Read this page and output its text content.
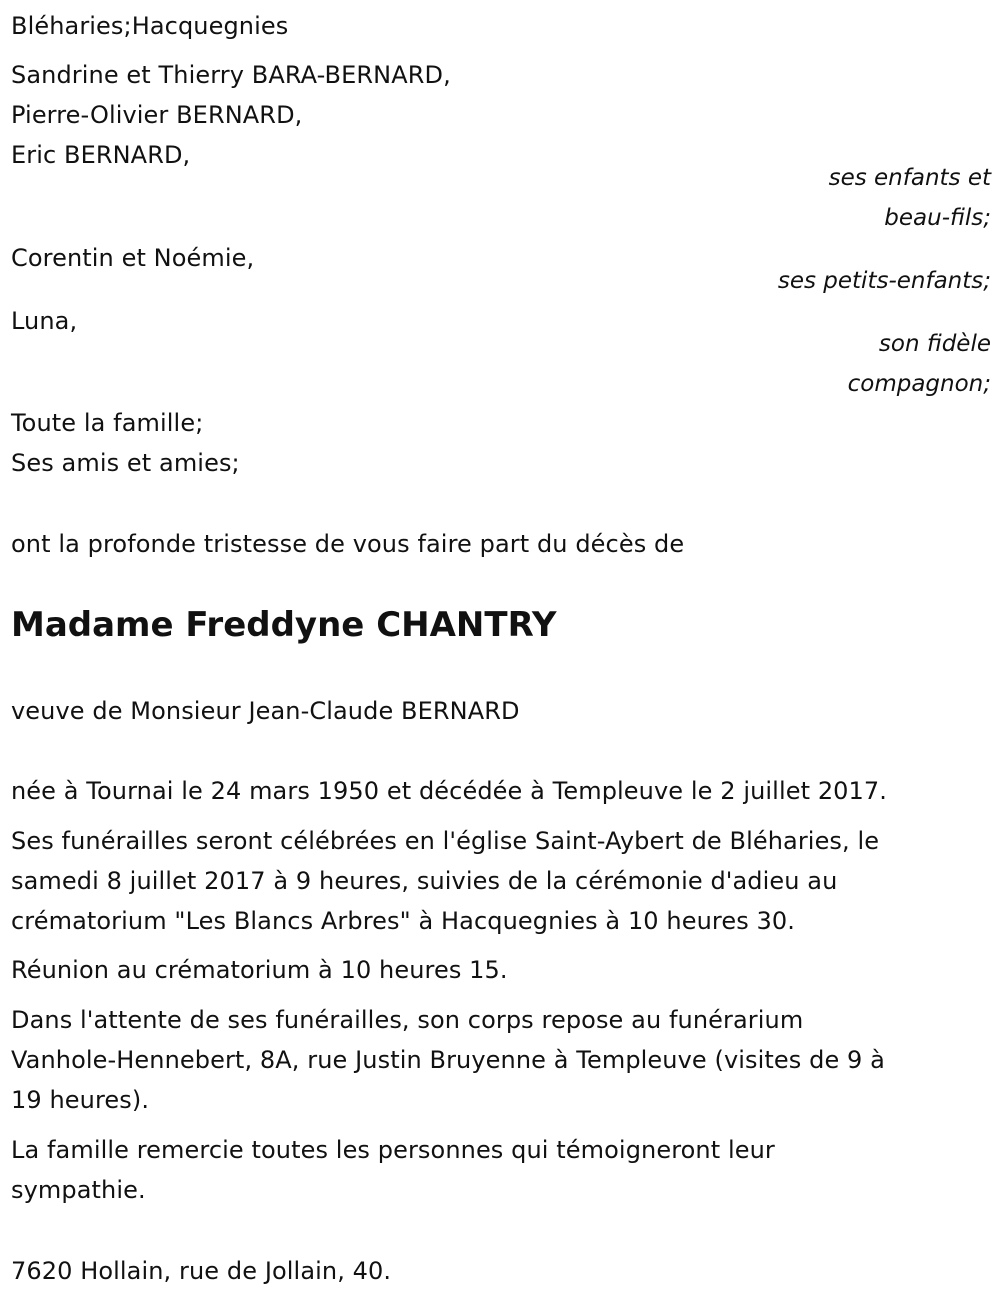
Bléharies;Hacquegnies
Sandrine et Thierry BARA-BERNARD,
Pierre-Olivier BERNARD,
Eric BERNARD,
ses enfants et
beau-fils;
Corentin et Noémie,
ses petits-enfants;
Luna,
son fidèle
compagnon;
Toute la famille;
Ses amis et amies;
ont la profonde tristesse de vous faire part du décès de
Madame Freddyne CHANTRY
veuve de Monsieur Jean-Claude BERNARD
née à Tournai le 24 mars 1950 et décédée à Templeuve le 2 juillet 2017.
Ses funérailles seront célébrées en l'église Saint-Aybert de Bléharies, le
samedi 8 juillet 2017 à 9 heures, suivies de la cérémonie d'adieu au
crématorium "Les Blancs Arbres" à Hacquegnies à 10 heures 30.
Réunion au crématorium à 10 heures 15.
Dans l'attente de ses funérailles, son corps repose au funérarium
Vanhole-Hennebert, 8A, rue Justin Bruyenne à Templeuve (visites de 9 à
19 heures).
La famille remercie toutes les personnes qui témoigneront leur
sympathie.
7620 Hollain, rue de Jollain, 40.
